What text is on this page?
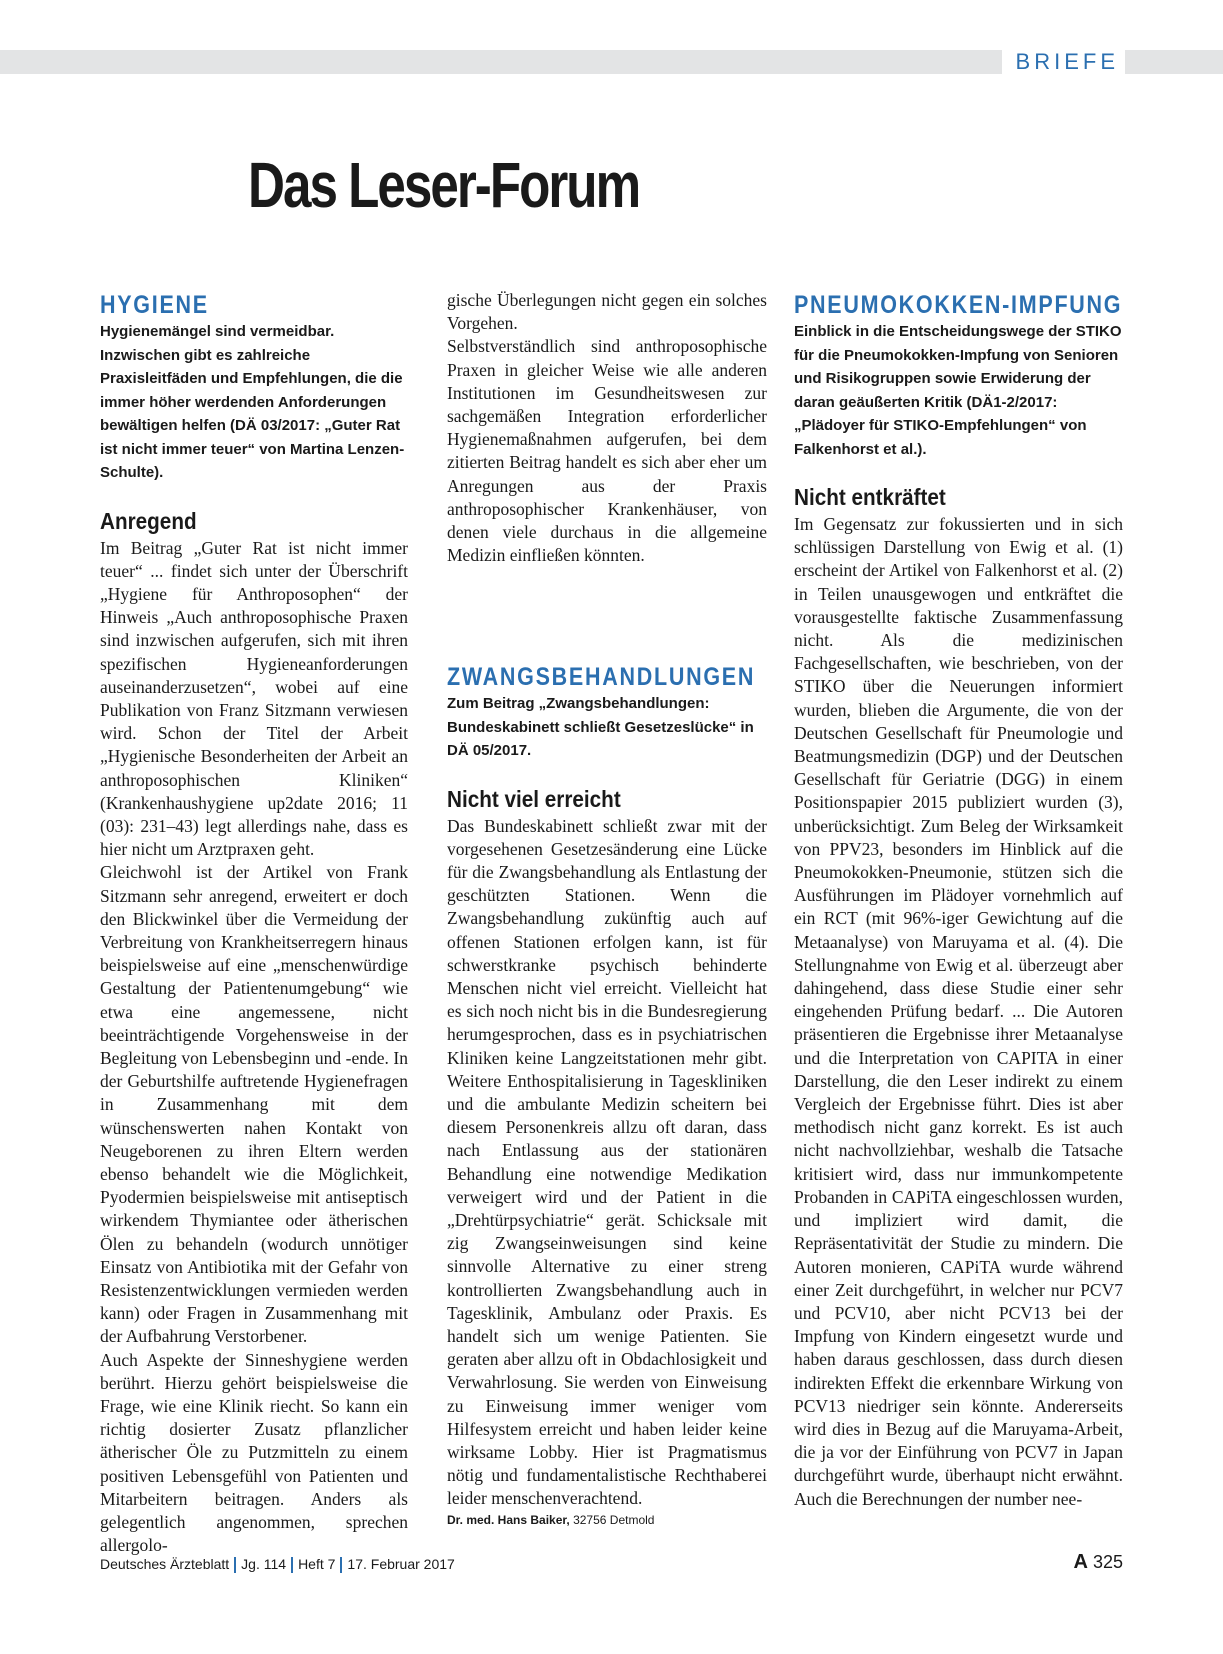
BRIEFE
Das Leser-Forum
HYGIENE

Hygienemängel sind vermeidbar. Inzwischen gibt es zahlreiche Praxisleitfäden und Empfehlungen, die die immer höher werdenden Anforderungen bewältigen helfen (DÄ 03/2017: „Guter Rat ist nicht immer teuer“ von Martina Lenzen-Schulte).

Anregend

Im Beitrag „Guter Rat ist nicht immer teuer“ ... findet sich unter der Überschrift „Hygiene für Anthroposophen“ der Hinweis „Auch anthroposophische Praxen sind inzwischen aufgerufen, sich mit ihren spezifischen Hygieneanforderungen auseinanderzusetzen“, wobei auf eine Publikation von Franz Sitzmann verwiesen wird. Schon der Titel der Arbeit „Hygienische Besonderheiten der Arbeit an anthroposophischen Kliniken“ (Krankenhaushygiene up2date 2016; 11 (03): 231–43) legt allerdings nahe, dass es hier nicht um Arztpraxen geht.

Gleichwohl ist der Artikel von Frank Sitzmann sehr anregend, erweitert er doch den Blickwinkel über die Vermeidung der Verbreitung von Krankheitserregern hinaus beispielsweise auf eine „menschenwürdige Gestaltung der Patientenumgebung“ wie etwa eine angemessene, nicht beeinträchtigende Vorgehensweise in der Begleitung von Lebensbeginn und -ende. In der Geburtshilfe auftretende Hygienefragen in Zusammenhang mit dem wünschenswerten nahen Kontakt von Neugeborenen zu ihren Eltern werden ebenso behandelt wie die Möglichkeit, Pyodermien beispielsweise mit antiseptisch wirkendem Thymiantee oder ätherischen Ölen zu behandeln (wodurch unnötiger Einsatz von Antibiotika mit der Gefahr von Resistenzentwicklungen vermieden werden kann) oder Fragen in Zusammenhang mit der Aufbahrung Verstorbener.

Auch Aspekte der Sinneshygiene werden berührt. Hierzu gehört beispielsweise die Frage, wie eine Klinik riecht. So kann ein richtig dosierter Zusatz pflanzlicher ätherischer Öle zu Putzmitteln zu einem positiven Lebensgefühl von Patienten und Mitarbeitern beitragen. Anders als gelegentlich angenommen, sprechen allergolo-

gische Überlegungen nicht gegen ein solches Vorgehen.

Selbstverständlich sind anthroposophische Praxen in gleicher Weise wie alle anderen Institutionen im Gesundheitswesen zur sachgemäßen Integration erforderlicher Hygienemaßnahmen aufgerufen, bei dem zitierten Beitrag handelt es sich aber eher um Anregungen aus der Praxis anthroposophischer Krankenhäuser, von denen viele durchaus in die allgemeine Medizin einfließen könnten.

ZWANGSBEHANDLUNGEN

Zum Beitrag „Zwangsbehandlungen: Bundeskabinett schließt Gesetzeslücke“ in DÄ 05/2017.

Nicht viel erreicht

Das Bundeskabinett schließt zwar mit der vorgesehenen Gesetzesänderung eine Lücke für die Zwangsbehandlung als Entlastung der geschützten Stationen. Wenn die Zwangsbehandlung zukünftig auch auf offenen Stationen erfolgen kann, ist für schwerstkranke psychisch behinderte Menschen nicht viel erreicht. Vielleicht hat es sich noch nicht bis in die Bundesregierung herumgesprochen, dass es in psychiatrischen Kliniken keine Langzeitstationen mehr gibt. Weitere Enthospitalisierung in Tageskliniken und die ambulante Medizin scheitern bei diesem Personenkreis allzu oft daran, dass nach Entlassung aus der stationären Behandlung eine notwendige Medikation verweigert wird und der Patient in die „Drehtürpsychiatrie“ gerät. Schicksale mit zig Zwangseinweisungen sind keine sinnvolle Alternative zu einer streng kontrollierten Zwangsbehandlung auch in Tagesklinik, Ambulanz oder Praxis. Es handelt sich um wenige Patienten. Sie geraten aber allzu oft in Obdachlosigkeit und Verwahrlosung. Sie werden von Einweisung zu Einweisung immer weniger vom Hilfesystem erreicht und haben leider keine wirksame Lobby. Hier ist Pragmatismus nötig und fundamentalistische Rechthaberei leider menschenverachtend.

Dr. med. Hans Baiker, 32756 Detmold

PNEUMOKOKKEN-IMPFUNG

Einblick in die Entscheidungswege der STIKO für die Pneumokokken-Impfung von Senioren und Risikogruppen sowie Erwiderung der daran geäußerten Kritik (DÄ1-2/2017: „Plädoyer für STIKO-Empfehlungen“ von Falkenhorst et al.).

Nicht entkräftet

Im Gegensatz zur fokussierten und in sich schlüssigen Darstellung von Ewig et al. (1) erscheint der Artikel von Falkenhorst et al. (2) in Teilen unausgewogen und entkräftet die vorausgestellte faktische Zusammenfassung nicht. Als die medizinischen Fachgesellschaften, wie beschrieben, von der STIKO über die Neuerungen informiert wurden, blieben die Argumente, die von der Deutschen Gesellschaft für Pneumologie und Beatmungsmedizin (DGP) und der Deutschen Gesellschaft für Geriatrie (DGG) in einem Positionspapier 2015 publiziert wurden (3), unberücksichtigt. Zum Beleg der Wirksamkeit von PPV23, besonders im Hinblick auf die Pneumokokken-Pneumonie, stützen sich die Ausführungen im Plädoyer vornehmlich auf ein RCT (mit 96%-iger Gewichtung auf die Metaanalyse) von Maruyama et al. (4). Die Stellungnahme von Ewig et al. überzeugt aber dahingehend, dass diese Studie einer sehr eingehenden Prüfung bedarf. ... Die Autoren präsentieren die Ergebnisse ihrer Metaanalyse und die Interpretation von CAPITA in einer Darstellung, die den Leser indirekt zu einem Vergleich der Ergebnisse führt. Dies ist aber methodisch nicht ganz korrekt. Es ist auch nicht nachvollziehbar, weshalb die Tatsache kritisiert wird, dass nur immunkompetente Probanden in CAPiTA eingeschlossen wurden, und impliziert wird damit, die Repräsentativität der Studie zu mindern. Die Autoren monieren, CAPiTA wurde während einer Zeit durchgeführt, in welcher nur PCV7 und PCV10, aber nicht PCV13 bei der Impfung von Kindern eingesetzt wurde und haben daraus geschlossen, dass durch diesen indirekten Effekt die erkennbare Wirkung von PCV13 niedriger sein könnte. Andererseits wird dies in Bezug auf die Maruyama-Arbeit, die ja vor der Einführung von PCV7 in Japan durchgeführt wurde, überhaupt nicht erwähnt. Auch die Berechnungen der number nee-

Deutsches Ärzteblatt Jg. 114 Heft 7 17. Februar 2017	A 325
